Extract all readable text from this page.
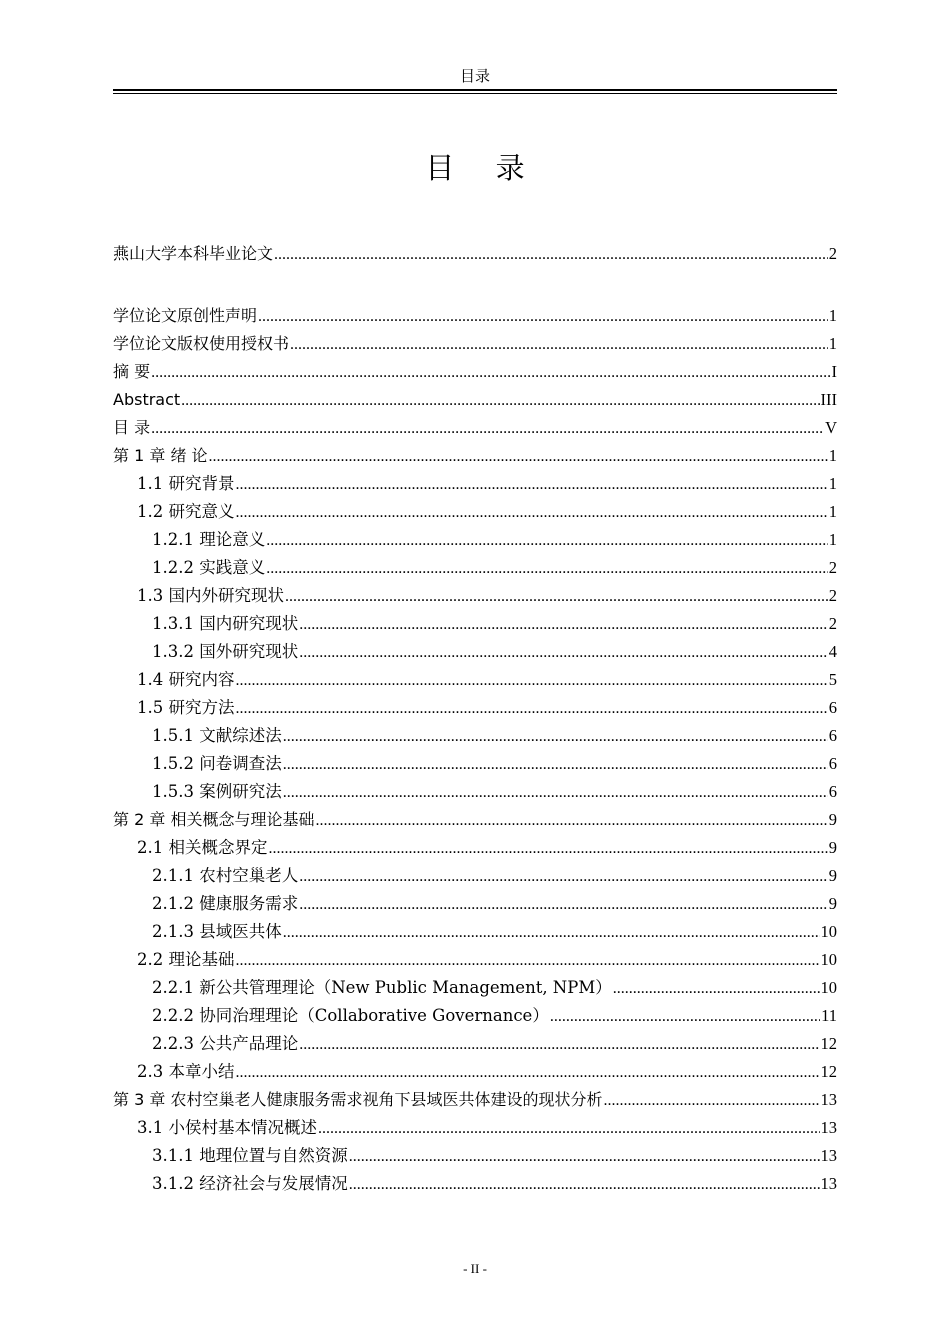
目录
目 录
燕山大学本科毕业论文 .....	2
学位论文原创性声明 .....	1
学位论文版权使用授权书 .....	1
摘 要 .....	I
Abstract .....	III
目 录 .....	V
第 1 章 绪 论 .....	1
1.1 研究背景 .....	1
1.2 研究意义 .....	1
1.2.1 理论意义 .....	1
1.2.2 实践意义 .....	2
1.3 国内外研究现状 .....	2
1.3.1 国内研究现状 .....	2
1.3.2 国外研究现状 .....	4
1.4 研究内容 .....	5
1.5 研究方法 .....	6
1.5.1 文献综述法 .....	6
1.5.2 问卷调查法 .....	6
1.5.3 案例研究法 .....	6
第 2 章 相关概念与理论基础 .....	9
2.1 相关概念界定 .....	9
2.1.1 农村空巢老人 .....	9
2.1.2 健康服务需求 .....	9
2.1.3 县域医共体 .....	10
2.2 理论基础 .....	10
2.2.1 新公共管理理论（New Public Management, NPM） .....	10
2.2.2 协同治理理论（Collaborative Governance） .....	11
2.2.3 公共产品理论 .....	12
2.3 本章小结 .....	12
第 3 章 农村空巢老人健康服务需求视角下县域医共体建设的现状分析 .....	13
3.1 小侯村基本情况概述 .....	13
3.1.1 地理位置与自然资源 .....	13
3.1.2 经济社会与发展情况 .....	13
- II -
